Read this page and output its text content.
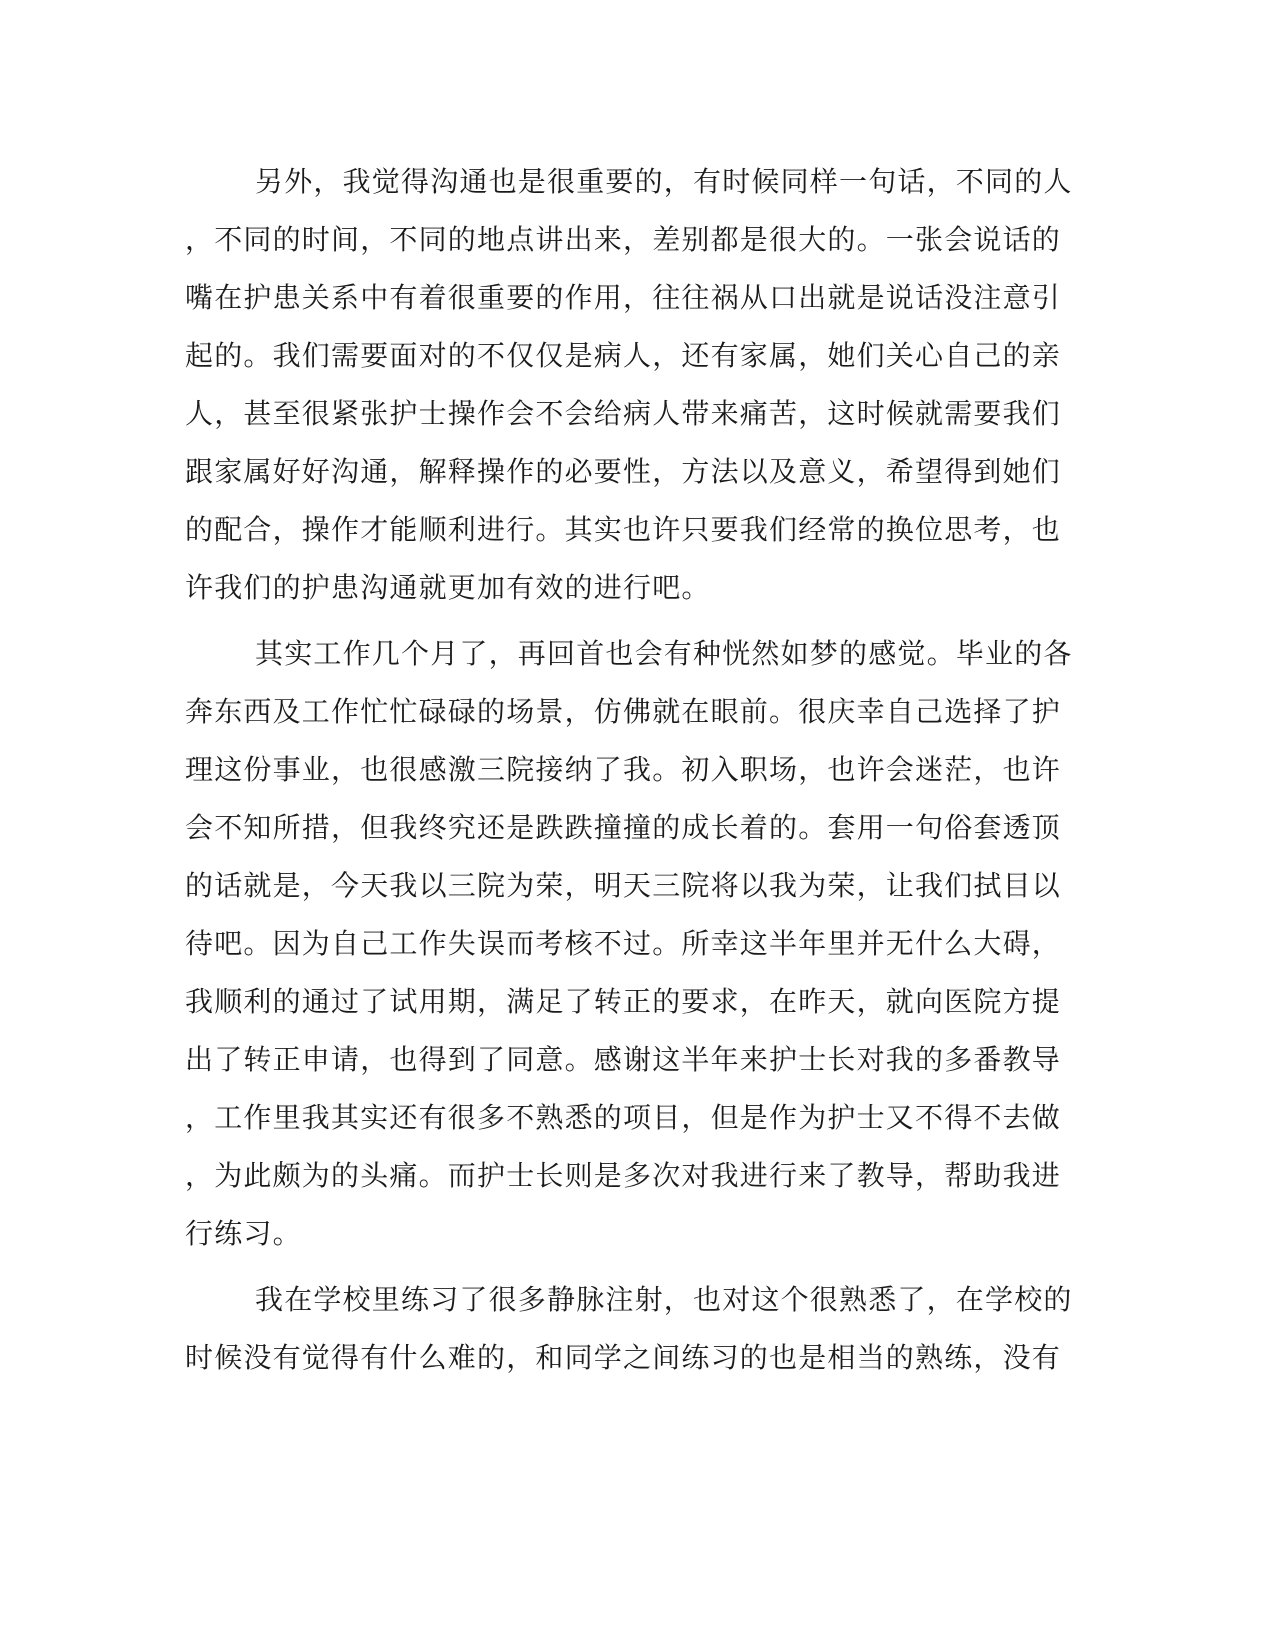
另外，我觉得沟通也是很重要的，有时候同样一句话，不同的人
，不同的时间，不同的地点讲出来，差别都是很大的。一张会说话的
嘴在护患关系中有着很重要的作用，往往祸从口出就是说话没注意引
起的。我们需要面对的不仅仅是病人，还有家属，她们关心自己的亲
人，甚至很紧张护士操作会不会给病人带来痛苦，这时候就需要我们
跟家属好好沟通，解释操作的必要性，方法以及意义，希望得到她们
的配合，操作才能顺利进行。其实也许只要我们经常的换位思考，也
许我们的护患沟通就更加有效的进行吧。
其实工作几个月了，再回首也会有种恍然如梦的感觉。毕业的各
奔东西及工作忙忙碌碌的场景，仿佛就在眼前。很庆幸自己选择了护
理这份事业，也很感激三院接纳了我。初入职场，也许会迷茫，也许
会不知所措，但我终究还是跌跌撞撞的成长着的。套用一句俗套透顶
的话就是，今天我以三院为荣，明天三院将以我为荣，让我们拭目以
待吧。因为自己工作失误而考核不过。所幸这半年里并无什么大碍，
我顺利的通过了试用期，满足了转正的要求，在昨天，就向医院方提
出了转正申请，也得到了同意。感谢这半年来护士长对我的多番教导
，工作里我其实还有很多不熟悉的项目，但是作为护士又不得不去做
，为此颇为的头痛。而护士长则是多次对我进行来了教导，帮助我进
行练习。
我在学校里练习了很多静脉注射，也对这个很熟悉了，在学校的
时候没有觉得有什么难的，和同学之间练习的也是相当的熟练，没有
